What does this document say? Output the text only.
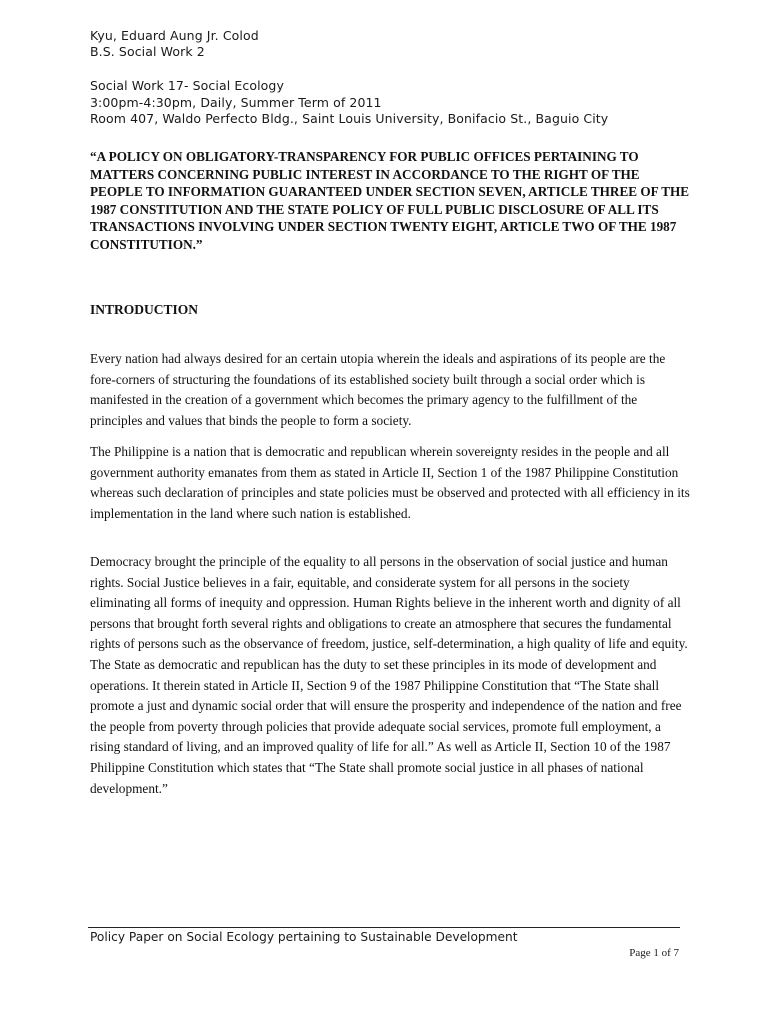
Kyu, Eduard Aung Jr. Colod
B.S. Social Work 2
Social Work 17- Social Ecology
3:00pm-4:30pm, Daily, Summer Term of 2011
Room 407, Waldo Perfecto Bldg., Saint Louis University, Bonifacio St., Baguio City
“A POLICY ON OBLIGATORY-TRANSPARENCY FOR PUBLIC OFFICES PERTAINING TO MATTERS CONCERNING PUBLIC INTEREST IN ACCORDANCE TO THE RIGHT OF THE PEOPLE TO INFORMATION GUARANTEED UNDER SECTION SEVEN, ARTICLE THREE OF THE 1987 CONSTITUTION AND THE STATE POLICY OF FULL PUBLIC DISCLOSURE OF ALL ITS TRANSACTIONS INVOLVING UNDER SECTION TWENTY EIGHT, ARTICLE TWO OF THE 1987 CONSTITUTION.”
INTRODUCTION

Every nation had always desired for an certain utopia wherein the ideals and aspirations of its people are the fore-corners of structuring the foundations of its established society built through a social order which is manifested in the creation of a government which becomes the primary agency to the fulfillment of the principles and values that binds the people to form a society.

The Philippine is a nation that is democratic and republican wherein sovereignty resides in the people and all government authority emanates from them as stated in Article II, Section 1 of the 1987 Philippine Constitution whereas such declaration of principles and state policies must be observed and protected with all efficiency in its implementation in the land where such nation is established.

Democracy brought the principle of the equality to all persons in the observation of social justice and human rights. Social Justice believes in a fair, equitable, and considerate system for all persons in the society eliminating all forms of inequity and oppression. Human Rights believe in the inherent worth and dignity of all persons that brought forth several rights and obligations to create an atmosphere that secures the fundamental rights of persons such as the observance of freedom, justice, self-determination, a high quality of life and equity. The State as democratic and republican has the duty to set these principles in its mode of development and operations. It therein stated in Article II, Section 9 of the 1987 Philippine Constitution that “The State shall promote a just and dynamic social order that will ensure the prosperity and independence of the nation and free the people from poverty through policies that provide adequate social services, promote full employment, a rising standard of living, and an improved quality of life for all.” As well as Article II, Section 10 of the 1987 Philippine Constitution which states that “The State shall promote social justice in all phases of national development.”

Policy Paper on Social Ecology pertaining to Sustainable Development
Page 1 of 7
